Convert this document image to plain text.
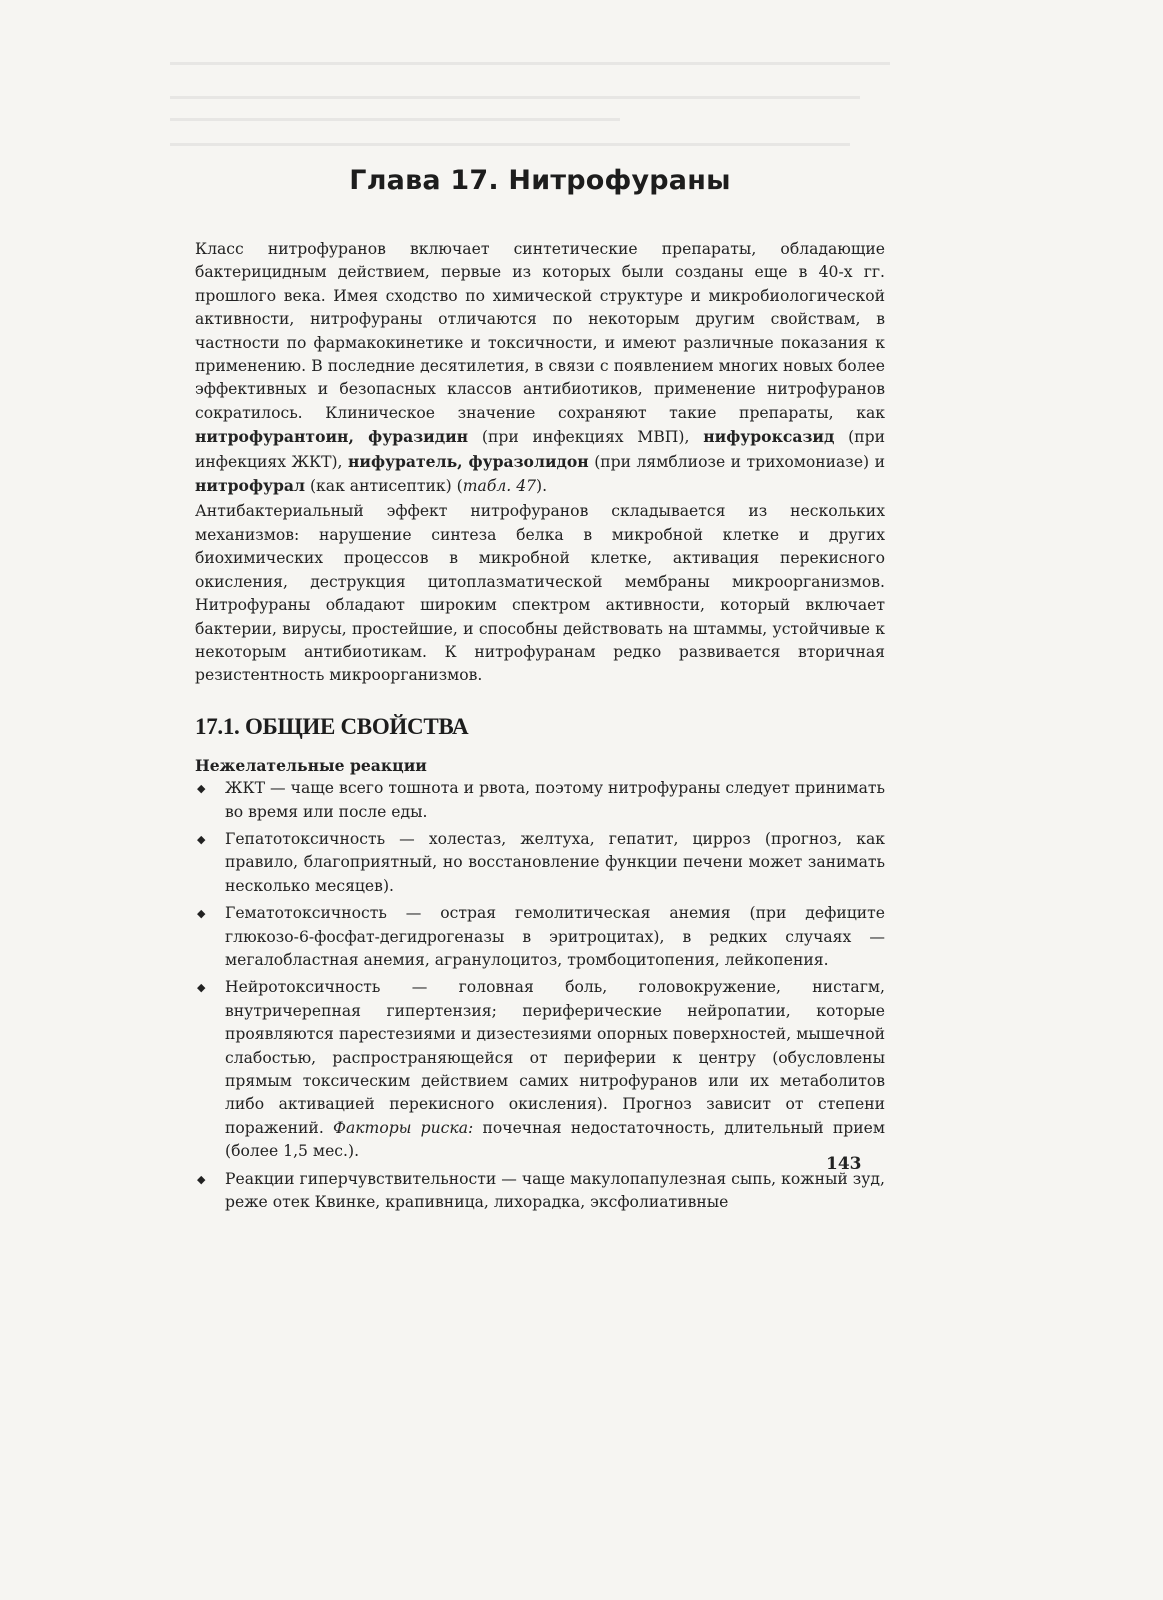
Глава 17. Нитрофураны

Класс нитрофуранов включает синтетические препараты, обладающие бактерицидным действием, первые из которых были созданы еще в 40-х гг. прошлого века. Имея сходство по химической структуре и микробиологической активности, нитрофураны отличаются по некоторым другим свойствам, в частности по фармакокинетике и токсичности, и имеют различные показания к применению. В последние десятилетия, в связи с появлением многих новых более эффективных и безопасных классов антибиотиков, применение нитрофуранов сократилось. Клиническое значение сохраняют такие препараты, как нитрофурантоин, фуразидин (при инфекциях МВП), нифуроксазид (при инфекциях ЖКТ), нифуратель, фуразолидон (при лямблиозе и трихомониазе) и нитрофурал (как антисептик) (табл. 47).

Антибактериальный эффект нитрофуранов складывается из нескольких механизмов: нарушение синтеза белка в микробной клетке и других биохимических процессов в микробной клетке, активация перекисного окисления, деструкция цитоплазматической мембраны микроорганизмов. Нитрофураны обладают широким спектром активности, который включает бактерии, вирусы, простейшие, и способны действовать на штаммы, устойчивые к некоторым антибиотикам. К нитрофуранам редко развивается вторичная резистентность микроорганизмов.

17.1. ОБЩИЕ СВОЙСТВА

Нежелательные реакции

◆ ЖКТ — чаще всего тошнота и рвота, поэтому нитрофураны следует принимать во время или после еды.
◆ Гепатотоксичность — холестаз, желтуха, гепатит, цирроз (прогноз, как правило, благоприятный, но восстановление функции печени может занимать несколько месяцев).
◆ Гематотоксичность — острая гемолитическая анемия (при дефиците глюкозо-6-фосфат-дегидрогеназы в эритроцитах), в редких случаях — мегалобластная анемия, агранулоцитоз, тромбоцитопения, лейкопения.
◆ Нейротоксичность — головная боль, головокружение, нистагм, внутричерепная гипертензия; периферические нейропатии, которые проявляются парестезиями и дизестезиями опорных поверхностей, мышечной слабостью, распространяющейся от периферии к центру (обусловлены прямым токсическим действием самих нитрофуранов или их метаболитов либо активацией перекисного окисления). Прогноз зависит от степени поражений. Факторы риска: почечная недостаточность, длительный прием (более 1,5 мес.).
◆ Реакции гиперчувствительности — чаще макулопапулезная сыпь, кожный зуд, реже отек Квинке, крапивница, лихорадка, эксфолиативные
143
